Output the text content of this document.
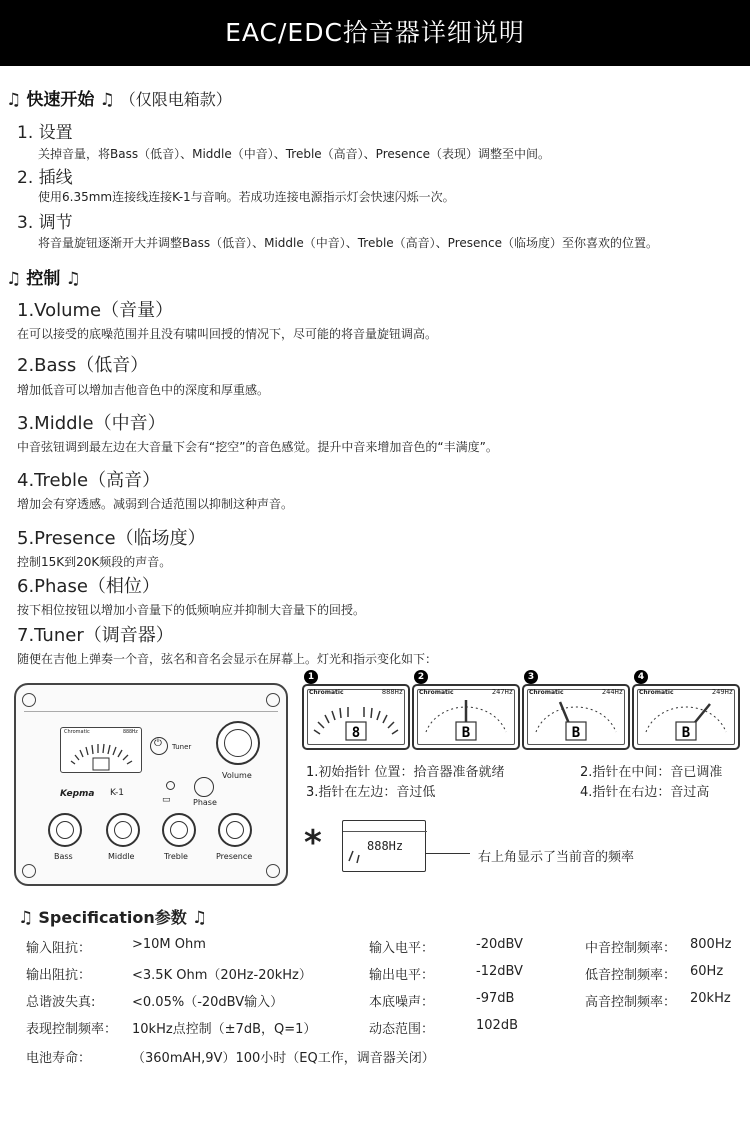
EAC/EDC拾音器详细说明
♫ 快速开始 ♫ （仅限电箱款）
1. 设置
关掉音量，将Bass（低音）、Middle（中音）、Treble（高音）、Presence（表现）调整至中间。
2. 插线
使用6.35mm连接线连接K-1与音响。若成功连接电源指示灯会快速闪烁一次。
3. 调节
将音量旋钮逐渐开大并调整Bass（低音）、Middle（中音）、Treble（高音）、Presence（临场度）至你喜欢的位置。
♫ 控制 ♫
1.Volume（音量）
在可以接受的底噪范围并且没有啸叫回授的情况下，尽可能的将音量旋钮调高。
2.Bass（低音）
增加低音可以增加吉他音色中的深度和厚重感。
3.Middle（中音）
中音弦钮调到最左边在大音量下会有“挖空”的音色感觉。提升中音来增加音色的“丰满度”。
4.Treble（高音）
增加会有穿透感。减弱到合适范围以抑制这种声音。
5.Presence（临场度）
控制15K到20K频段的声音。
6.Phase（相位）
按下相位按钮以增加小音量下的低频响应并抑制大音量下的回授。
7.Tuner（调音器）
随便在吉他上弹奏一个音，弦名和音名会显示在屏幕上。灯光和指示变化如下：
Chromatic	888Hz
⏻ Tuner
Volume
Kepma K-1
▭	Phase
Bass	Middle	Treble	Presence
1	2	3	4
Chromatic	888Hz
8
Chromatic	247Hz
B
Chromatic	244Hz
B
Chromatic	249Hz
B
1.初始指针 位置：拾音器准备就绪	2.指针在中间：音已调准
3.指针在左边：音过低	4.指针在右边：音过高
*	888Hz
右上角显示了当前音的频率
♫ Specification参数 ♫
输入阻抗：	>10M Ohm	输入电平：	-20dBV	中音控制频率： 800Hz
输出阻抗：	<3.5K Ohm（20Hz-20kHz）	输出电平：	-12dBV	低音控制频率： 60Hz
总谐波失真:	<0.05%（-20dBV输入）	本底噪声：	-97dB	高音控制频率： 20kHz
表现控制频率： 10kHz点控制（±7dB，Q=1）	动态范围：	102dB
电池寿命：	（360mAH,9V）100小时（EQ工作，调音器关闭）
